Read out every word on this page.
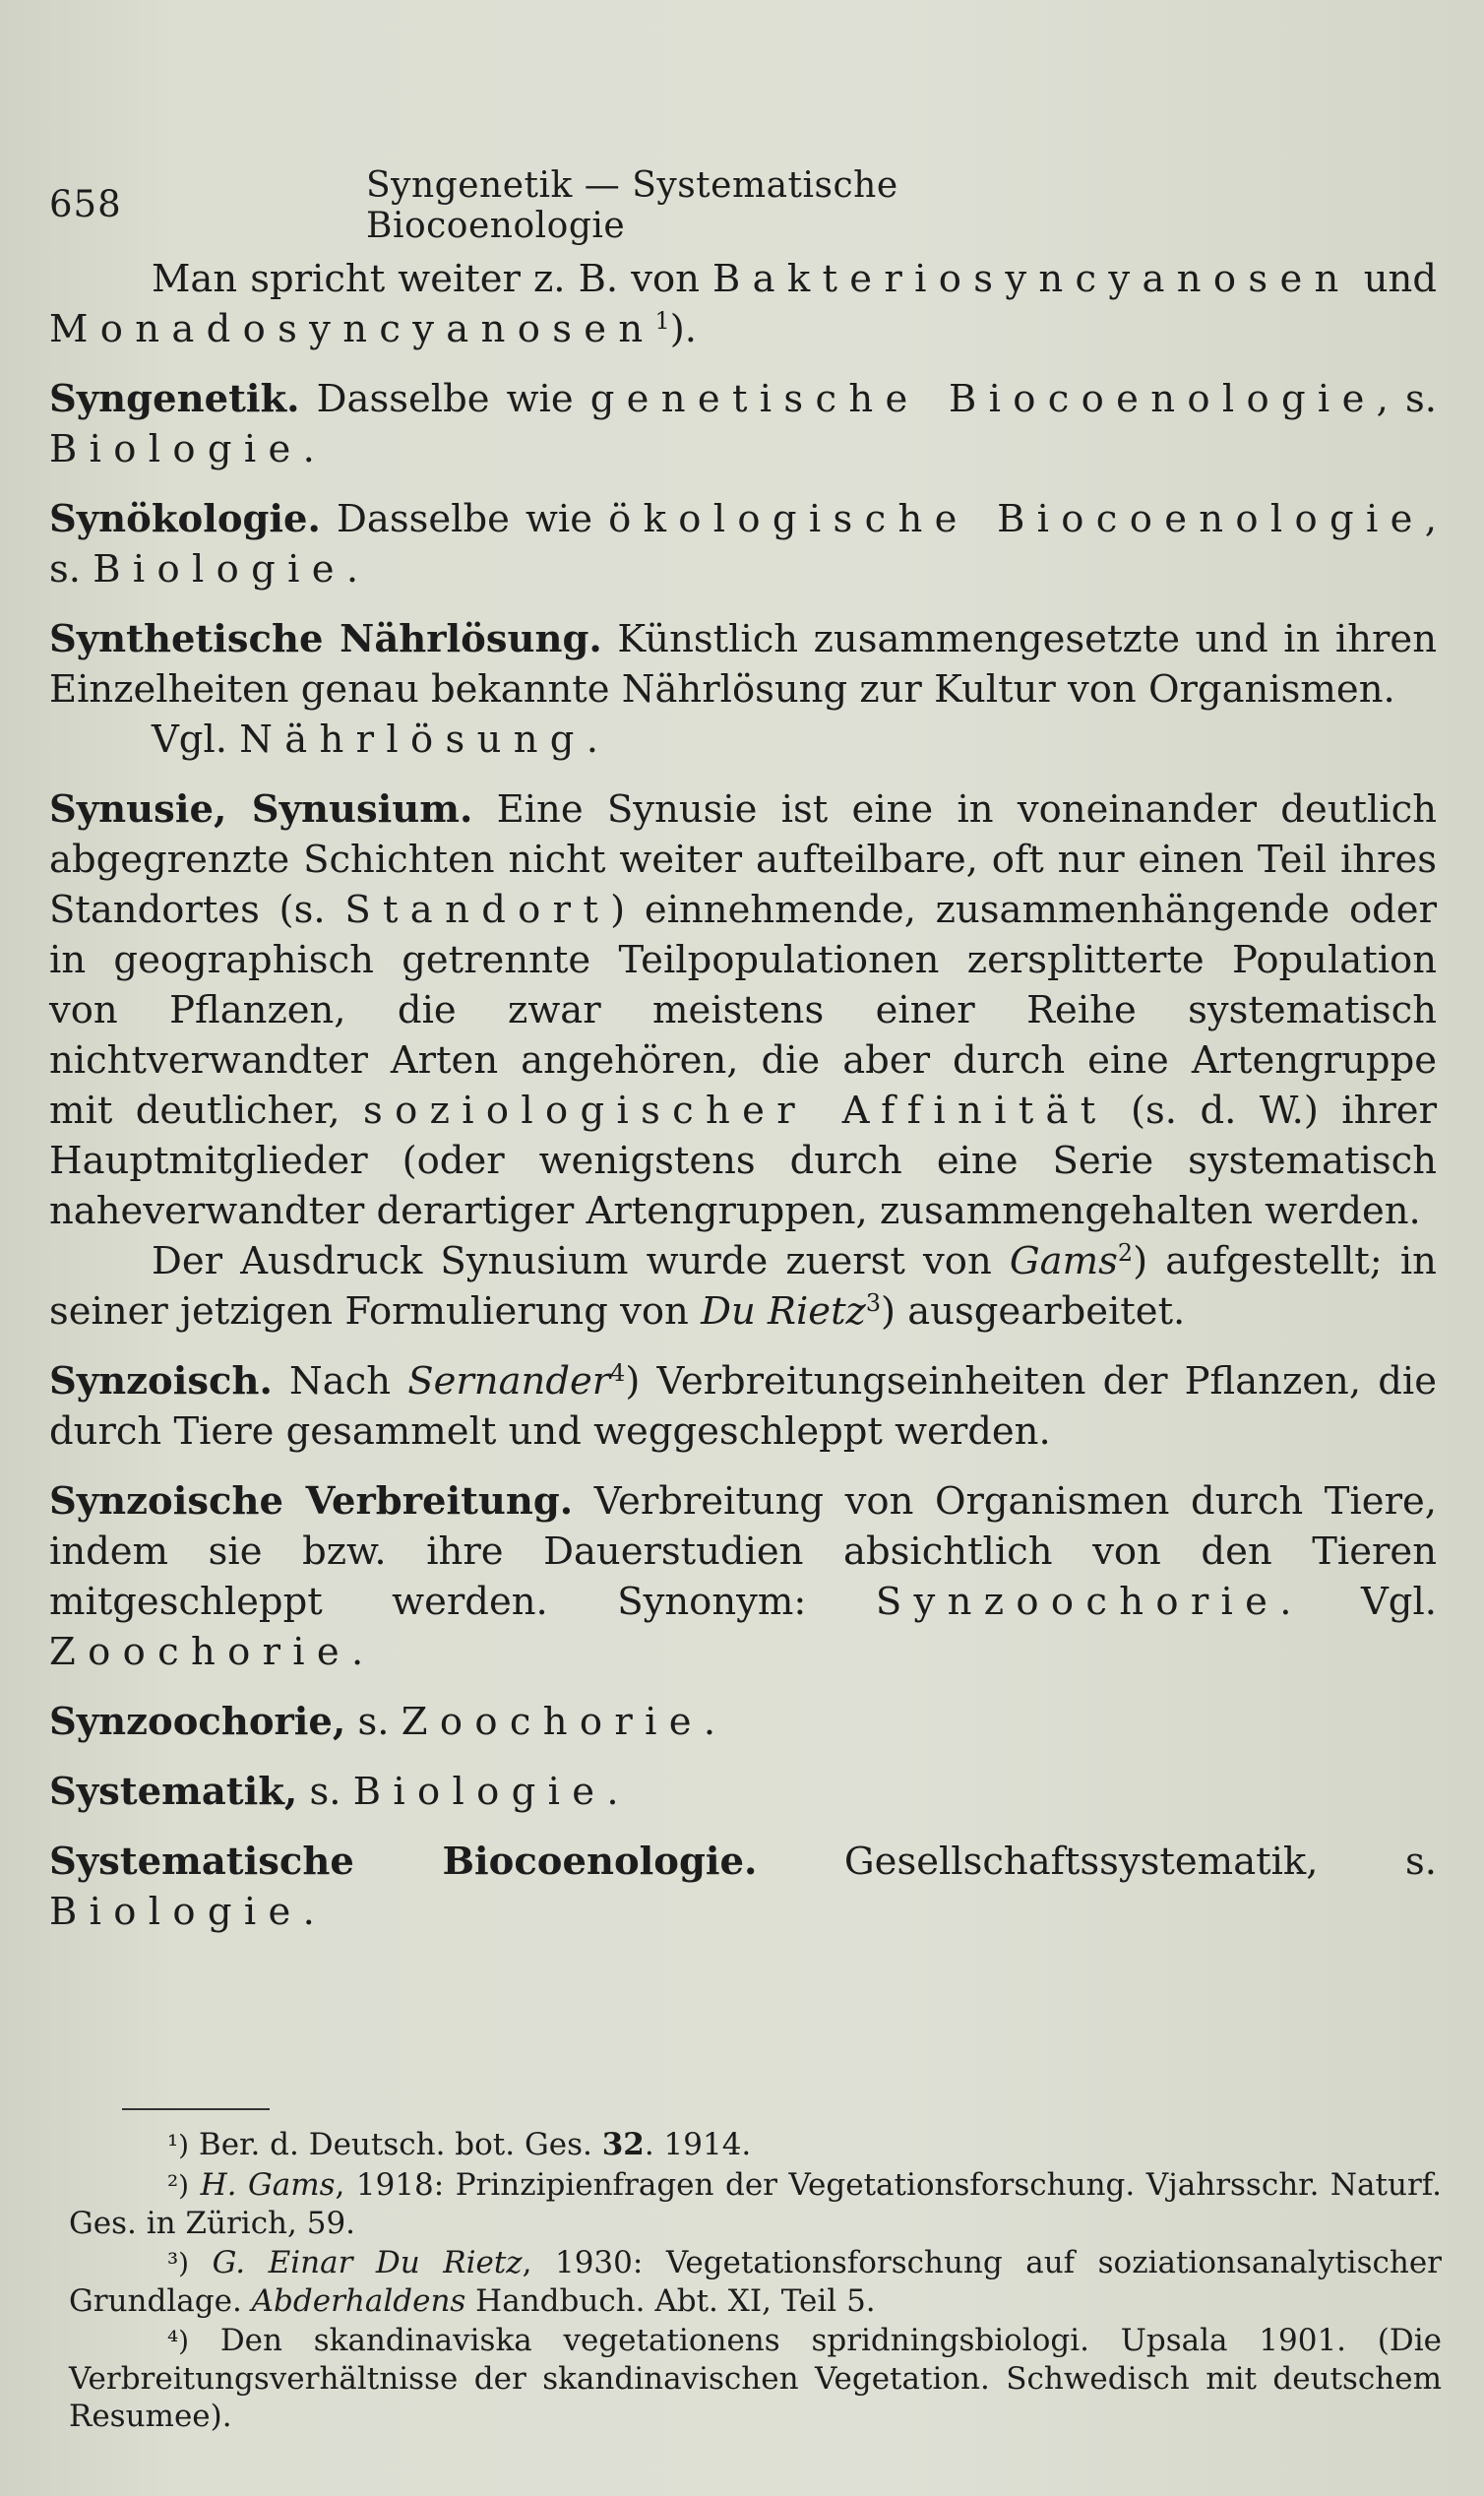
658	Syngenetik — Systematische Biocoenologie

Man spricht weiter z. B. von Bakteriosyncyanosen und Monadosyncyanosen$^1$).

Syngenetik. Dasselbe wie genetische Biocoenologie, s. Biologie.

Synökologie. Dasselbe wie ökologische Biocoenologie, s. Biologie.

Synthetische Nährlösung. Künstlich zusammengesetzte und in ihren Einzelheiten genau bekannte Nährlösung zur Kultur von Organismen.

Vgl. Nährlösung.

Synusie, Synusium. Eine Synusie ist eine in voneinander deutlich abgegrenzte Schichten nicht weiter aufteilbare, oft nur einen Teil ihres Standortes (s. Standort) einnehmende, zusammenhängende oder in geographisch getrennte Teilpopulationen zersplitterte Population von Pflanzen, die zwar meistens einer Reihe systematisch nichtverwandter Arten angehören, die aber durch eine Artengruppe mit deutlicher, soziologischer Affinität (s. d. W.) ihrer Hauptmitglieder (oder wenigstens durch eine Serie systematisch naheverwandter derartiger Artengruppen, zusammengehalten werden.

Der Ausdruck Synusium wurde zuerst von Gams$^2$) aufgestellt; in seiner jetzigen Formulierung von Du Rietz$^3$) ausgearbeitet.

Synzoisch. Nach Sernander$^4$) Verbreitungseinheiten der Pflanzen, die durch Tiere gesammelt und weggeschleppt werden.

Synzoische Verbreitung. Verbreitung von Organismen durch Tiere, indem sie bzw. ihre Dauerstudien absichtlich von den Tieren mitgeschleppt werden. Synonym: Synzoochorie. Vgl. Zoochorie.

Synzoochorie, s. Zoochorie.

Systematik, s. Biologie.

Systematische Biocoenologie. Gesellschaftssystematik, s. Biologie.

¹) Ber. d. Deutsch. bot. Ges. 32. 1914.

²) H. Gams, 1918: Prinzipienfragen der Vegetationsforschung. Vjahrsschr. Naturf. Ges. in Zürich, 59.

³) G. Einar Du Rietz, 1930: Vegetationsforschung auf soziationsanalytischer Grundlage. Abderhaldens Handbuch. Abt. XI, Teil 5.

⁴) Den skandinaviska vegetationens spridningsbiologi. Upsala 1901. (Die Verbreitungsverhältnisse der skandinavischen Vegetation. Schwedisch mit deutschem Resumee).
